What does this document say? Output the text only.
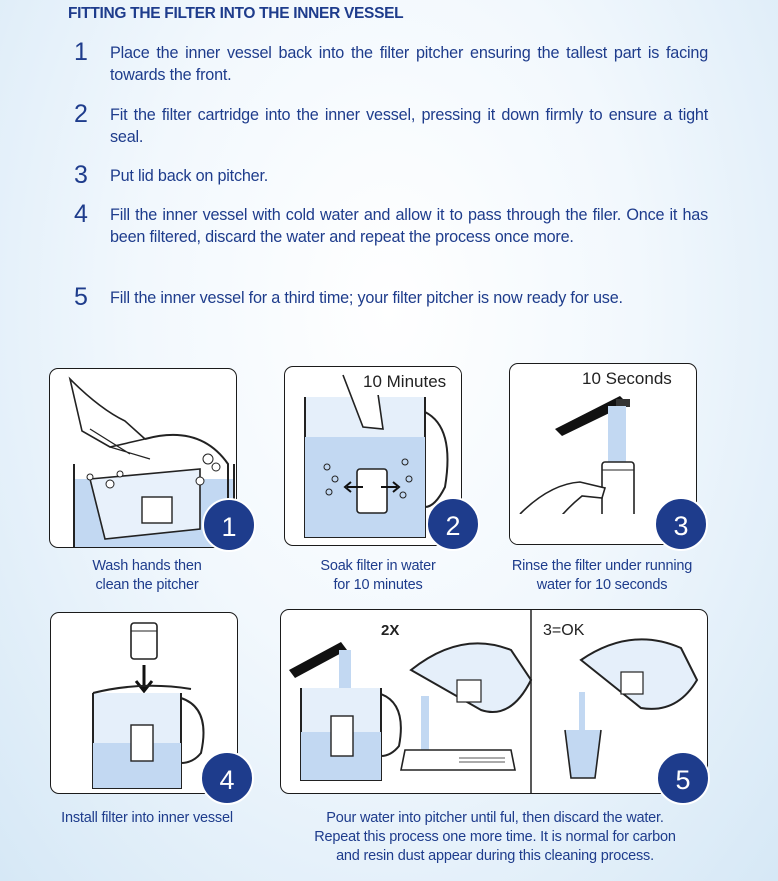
FITTING THE FILTER INTO THE INNER VESSEL
1 Place the inner vessel back into the filter pitcher ensuring the tallest part is facing towards the front.
2 Fit the filter cartridge into the inner vessel, pressing it down firmly to ensure a tight seal.
3 Put lid back on pitcher.
4 Fill the inner vessel with cold water and allow it to pass through the filer. Once it has been filtered, discard the water and repeat the process once more.
5 Fill the inner vessel for a third time; your filter pitcher is now ready for use.
1
Wash hands then
clean the pitcher
10 Minutes
2
Soak filter in water
for 10 minutes
10 Seconds
3
Rinse the filter under running
water for 10 seconds
4
Install filter into inner vessel
2X	3=OK
5
Pour water into pitcher until ful, then discard the water.
Repeat this process one more time. It is normal for carbon
and resin dust appear during this cleaning process.
